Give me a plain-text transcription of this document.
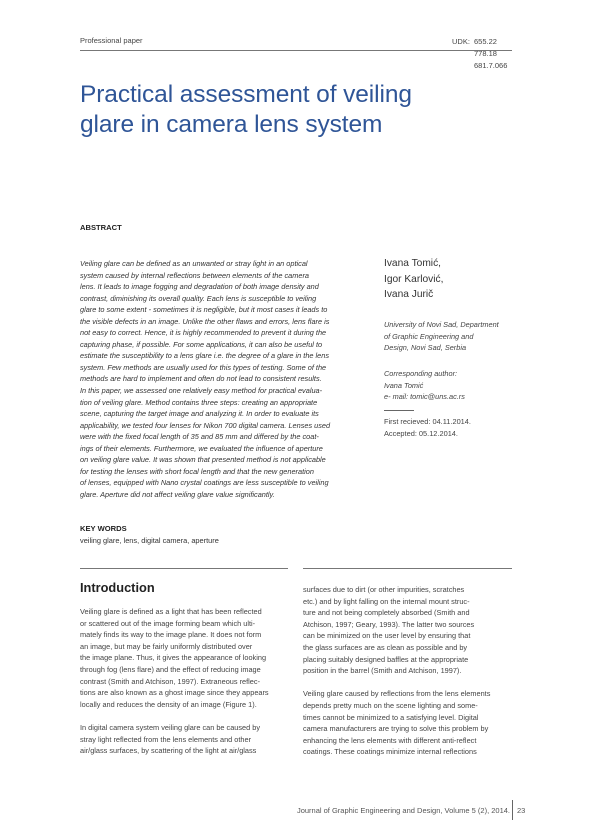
Professional paper	UDK: 655.22
778.18
681.7.066
Practical assessment of veiling
glare in camera lens system
ABSTRACT

Veiling glare can be defined as an unwanted or stray light in an optical

system caused by internal reflections between elements of the camera

lens. It leads to image fogging and degradation of both image density and

contrast, diminishing its overall quality. Each lens is susceptible to veiling

glare to some extent - sometimes it is negligible, but it most cases it leads to

the visible defects in an image. Unlike the other flaws and errors, lens flare is

not easy to correct. Hence, it is highly recommended to prevent it during the

capturing phase, if possible. For some applications, it can also be useful to

estimate the susceptibility to a lens glare i.e. the degree of a glare in the lens

system. Few methods are usually used for this types of testing. Some of the

methods are hard to implement and often do not lead to consistent results.

In this paper, we assessed one relatively easy method for practical evalua-

tion of veiling glare. Method contains three steps: creating an appropriate

scene, capturing the target image and analyzing it. In order to evaluate its

applicability, we tested four lenses for Nikon 700 digital camera. Lenses used

were with the fixed focal length of 35 and 85 mm and differed by the coat-

ings of their elements. Furthermore, we evaluated the influence of aperture

on veiling glare value. It was shown that presented method is not applicable

for testing the lenses with short focal length and that the new generation

of lenses, equipped with Nano crystal coatings are less susceptible to veiling

glare. Aperture did not affect veiling glare value significantly.

Ivana Tomić,
Igor Karlović,
Ivana Jurič
University of Novi Sad, Department
of Graphic Engineering and
Design, Novi Sad, Serbia
Corresponding author:
Ivana Tomić
e- mail: tomic@uns.ac.rs
First recieved: 04.11.2014.
Accepted: 05.12.2014.
KEY WORDS
veiling glare, lens, digital camera, aperture
Introduction

Veiling glare is defined as a light that has been reflected
or scattered out of the image forming beam which ulti-
mately finds its way to the image plane. It does not form
an image, but may be fairly uniformly distributed over
the image plane. Thus, it gives the appearance of looking
through fog (lens flare) and the effect of reducing image
contrast (Smith and Atchison, 1997). Extraneous reflec-
tions are also known as a ghost image since they appears
locally and reduces the density of an image (Figure 1).

In digital camera system veiling glare can be caused by
stray light reflected from the lens elements and other
air/glass surfaces, by scattering of the light at air/glass

surfaces due to dirt (or other impurities, scratches
etc.) and by light falling on the internal mount struc-
ture and not being completely absorbed (Smith and
Atchison, 1997; Geary, 1993). The latter two sources
can be minimized on the user level by ensuring that
the glass surfaces are as clean as possible and by
placing suitably designed baffles at the appropriate
position in the barrel (Smith and Atchison, 1997).

Veiling glare caused by reflections from the lens elements
depends pretty much on the scene lighting and some-
times cannot be minimized to a satisfying level. Digital
camera manufacturers are trying to solve this problem by
enhancing the lens elements with different anti-reflect
coatings. These coatings minimize internal reflections

Journal of Graphic Engineering and Design, Volume 5 (2), 2014. 23
